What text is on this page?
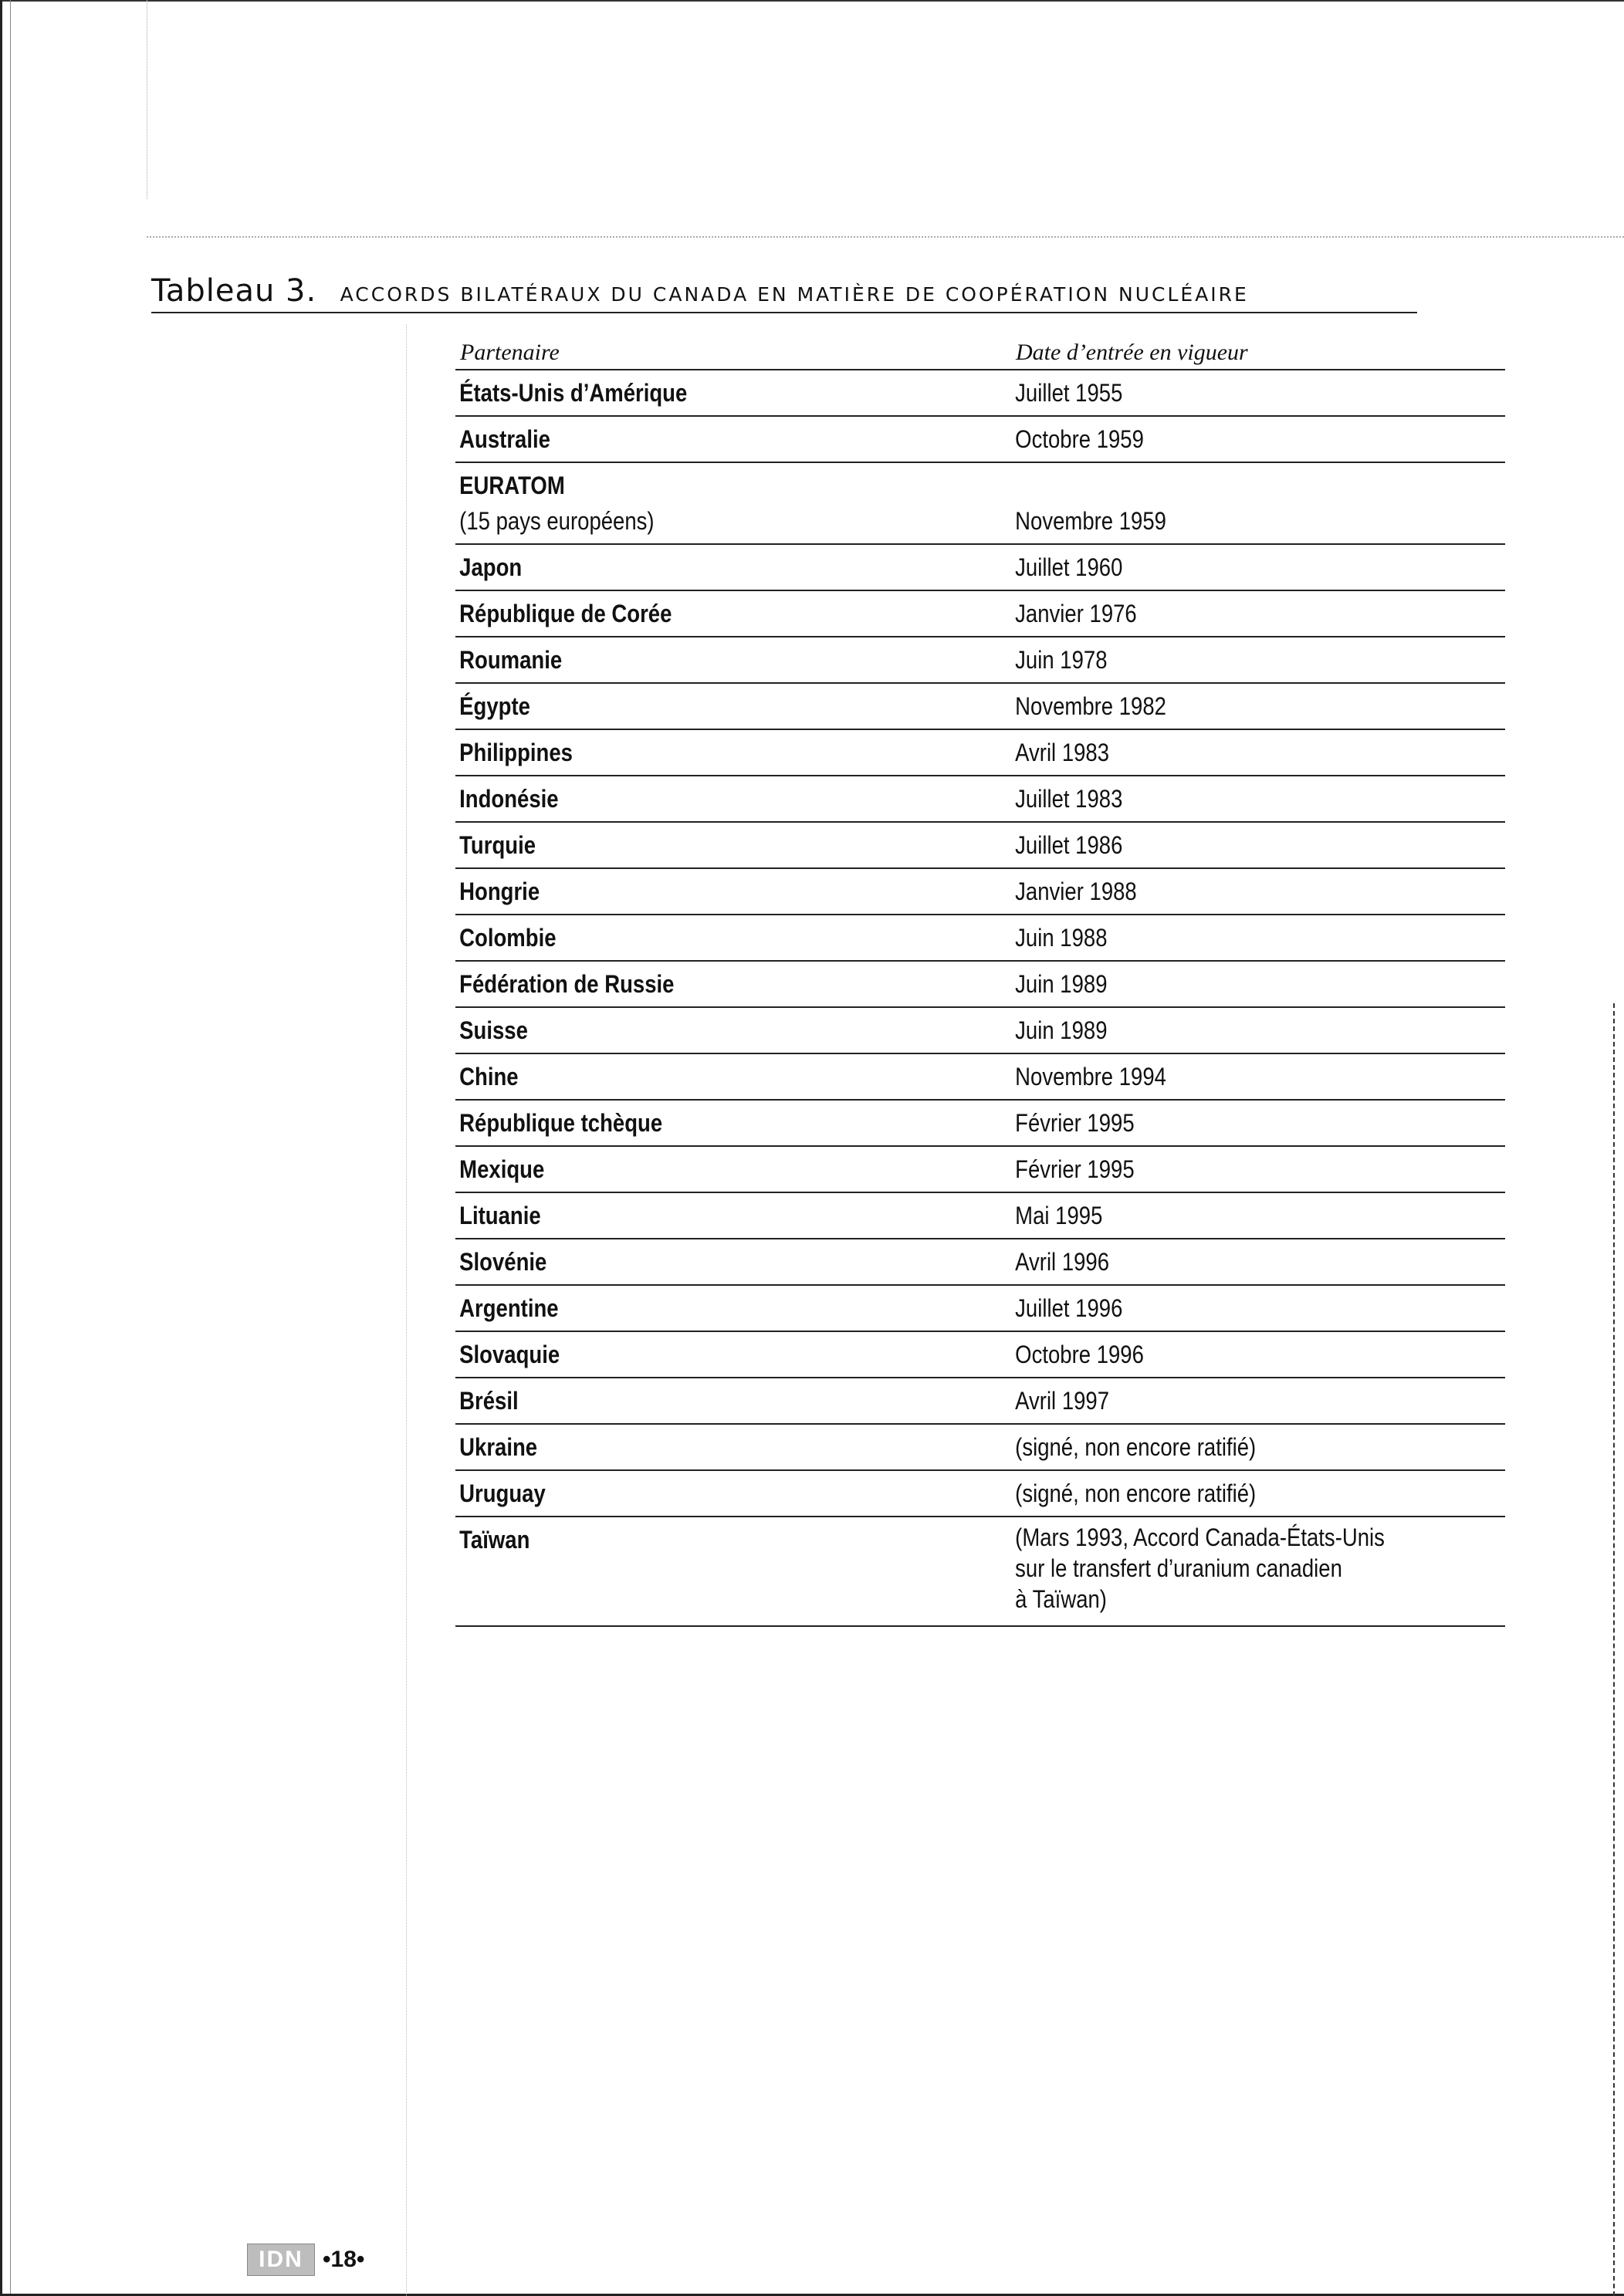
Tableau 3. ACCORDS BILATÉRAUX DU CANADA EN MATIÈRE DE COOPÉRATION NUCLÉAIRE
Partenaire	Date d’entrée en vigueur
États-Unis d’Amérique	Juillet 1955
Australie	Octobre 1959
EURATOM
(15 pays européens)	Novembre 1959
Japon	Juillet 1960
République de Corée	Janvier 1976
Roumanie	Juin 1978
Égypte	Novembre 1982
Philippines	Avril 1983
Indonésie	Juillet 1983
Turquie	Juillet 1986
Hongrie	Janvier 1988
Colombie	Juin 1988
Fédération de Russie	Juin 1989
Suisse	Juin 1989
Chine	Novembre 1994
République tchèque	Février 1995
Mexique	Février 1995
Lituanie	Mai 1995
Slovénie	Avril 1996
Argentine	Juillet 1996
Slovaquie	Octobre 1996
Brésil	Avril 1997
Ukraine	(signé, non encore ratifié)
Uruguay	(signé, non encore ratifié)
Taïwan	(Mars 1993, Accord Canada-États-Unis
sur le transfert d’uranium canadien
à Taïwan)
IDN •18•
